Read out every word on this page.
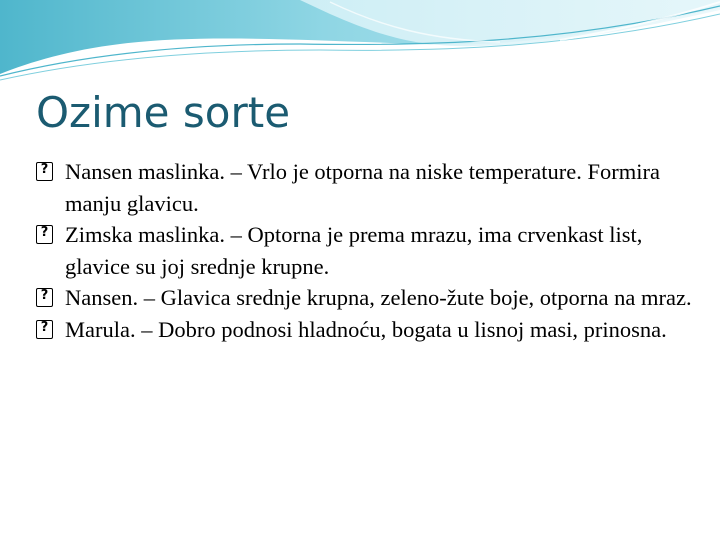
Ozime sorte
?
Nansen maslinka. – Vrlo je otporna na niske temperature. Formira manju glavicu.
?
Zimska maslinka. – Optorna je prema mrazu, ima crvenkast list, glavice su joj srednje krupne.
?
Nansen. – Glavica srednje krupna, zeleno-žute boje, otporna na mraz.
?
Marula. – Dobro podnosi hladnoću, bogata u lisnoj masi, prinosna.
